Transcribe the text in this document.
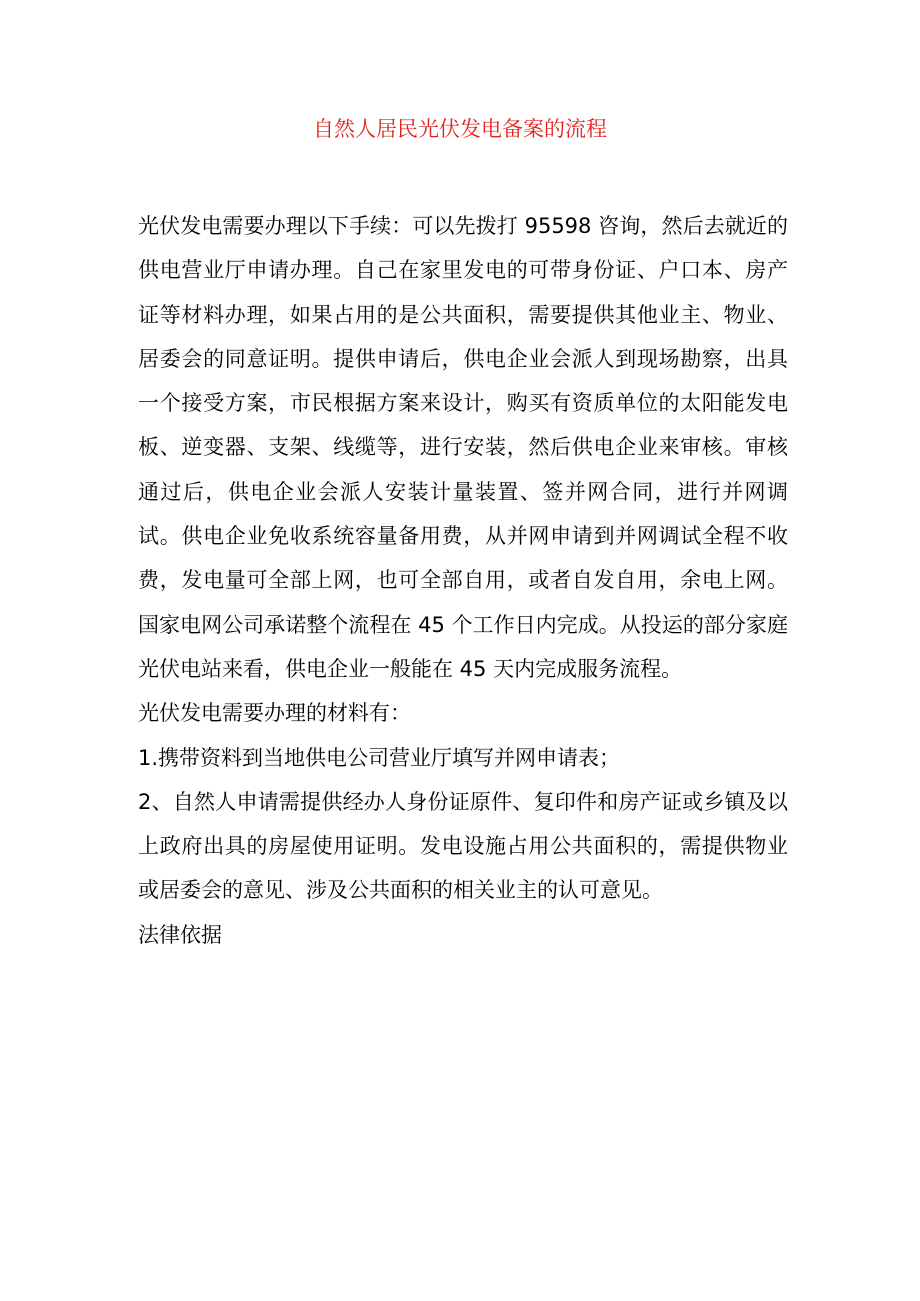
自然人居民光伏发电备案的流程

光伏发电需要办理以下手续：可以先拨打 95598 咨询，然后去就近的供电营业厅申请办理。自己在家里发电的可带身份证、户口本、房产证等材料办理，如果占用的是公共面积，需要提供其他业主、物业、居委会的同意证明。提供申请后，供电企业会派人到现场勘察，出具一个接受方案，市民根据方案来设计，购买有资质单位的太阳能发电板、逆变器、支架、线缆等，进行安装，然后供电企业来审核。审核通过后，供电企业会派人安装计量装置、签并网合同，进行并网调试。供电企业免收系统容量备用费，从并网申请到并网调试全程不收费，发电量可全部上网，也可全部自用，或者自发自用，余电上网。国家电网公司承诺整个流程在 45 个工作日内完成。从投运的部分家庭光伏电站来看，供电企业一般能在 45 天内完成服务流程。

光伏发电需要办理的材料有：

1.携带资料到当地供电公司营业厅填写并网申请表；

2、自然人申请需提供经办人身份证原件、复印件和房产证或乡镇及以上政府出具的房屋使用证明。发电设施占用公共面积的，需提供物业或居委会的意见、涉及公共面积的相关业主的认可意见。

法律依据
